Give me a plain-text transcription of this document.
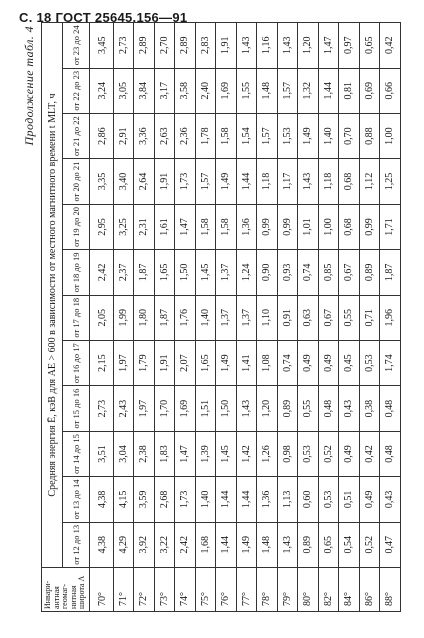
С. 18 ГОСТ 25645.156—91
Продолжение табл. 4
Инвари-антная геомаг-нитная широта Λ	Средняя энергия Ē, кэВ для АЕ > 600 в зависимости от местного магнитного времени t MLT, ч											
	от 12 до 13	от 13 до 14	от 14 до 15	от 15 до 16	от 16 до 17	от 17 до 18	от 18 до 19	от 19 до 20	от 20 до 21	от 21 до 22	от 22 до 23	от 23 до 24
70°	4,38	4,38	3,51	2,73	2,15	2,05	2,42	2,95	3,35	2,86	3,24	3,45
71°	4,29	4,15	3,04	2,43	1,97	1,99	2,37	3,25	3,40	2,91	3,05	2,73
72°	3,92	3,59	2,38	1,97	1,79	1,80	1,87	2,31	2,64	3,36	3,84	2,89
73°	3,22	2,68	1,83	1,70	1,91	1,87	1,65	1,61	1,91	2,63	3,17	2,70
74°	2,42	1,73	1,47	1,69	2,07	1,76	1,50	1,47	1,73	2,36	3,58	2,89
75°	1,68	1,40	1,39	1,51	1,65	1,40	1,45	1,58	1,57	1,78	2,40	2,83
76°	1,44	1,44	1,45	1,50	1,49	1,37	1,37	1,58	1,49	1,58	1,69	1,91
77°	1,49	1,44	1,42	1,43	1,41	1,37	1,24	1,36	1,44	1,54	1,55	1,43
78°	1,48	1,36	1,26	1,20	1,08	1,10	0,90	0,99	1,18	1,57	1,48	1,16
79°	1,43	1,13	0,98	0,89	0,74	0,91	0,93	0,99	1,17	1,53	1,57	1,43
80°	0,89	0,60	0,53	0,55	0,49	0,63	0,74	1,01	1,43	1,49	1,32	1,20
82°	0,65	0,53	0,52	0,48	0,49	0,67	0,85	1,00	1,18	1,40	1,44	1,47
84°	0,54	0,51	0,49	0,43	0,45	0,55	0,67	0,68	0,68	0,70	0,81	0,97
86°	0,52	0,49	0,42	0,38	0,53	0,71	0,89	0,99	1,12	0,88	0,69	0,65
88°	0,47	0,43	0,48	0,48	1,74	1,96	1,87	1,71	1,25	1,00	0,66	0,42
